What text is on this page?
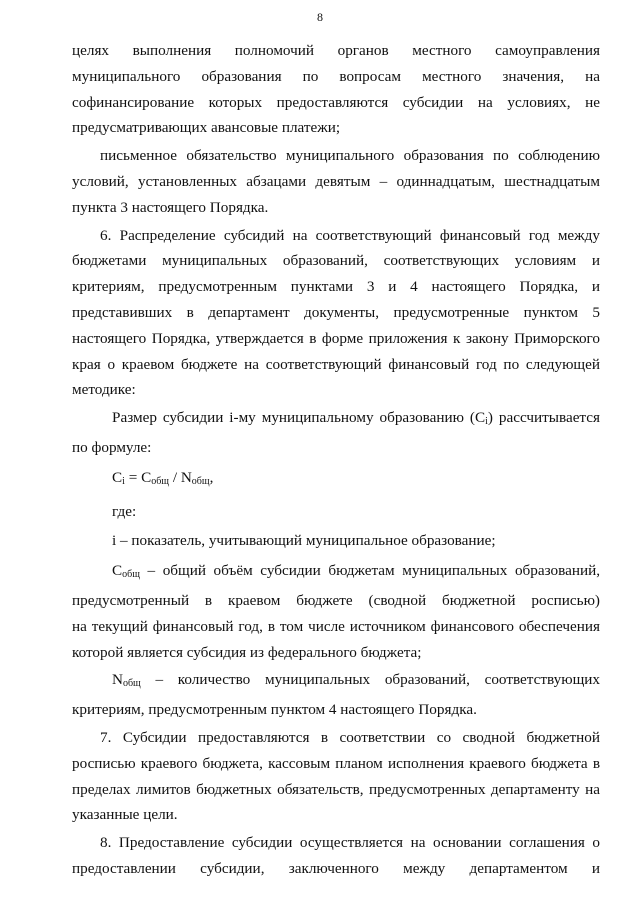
8
целях выполнения полномочий органов местного самоуправления
муниципального образования по вопросам местного значения, на
софинансирование которых предоставляются субсидии на условиях, не
предусматривающих авансовые платежи;
письменное обязательство муниципального образования по соблюдению
условий, установленных абзацами девятым – одиннадцатым, шестнадцатым
пункта 3 настоящего Порядка.
6. Распределение субсидий на соответствующий финансовый год между
бюджетами муниципальных образований, соответствующих условиям и
критериям, предусмотренным пунктами 3 и 4 настоящего Порядка, и
представивших в департамент документы, предусмотренные пунктом 5
настоящего Порядка, утверждается в форме приложения к закону Приморского
края о краевом бюджете на соответствующий финансовый год по следующей
методике:
Размер субсидии i-му муниципальному образованию $(C_i)$ рассчитывается
по формуле:
$C_i = C_{общ} / N_{общ}$,
где:
i – показатель, учитывающий муниципальное образование;
$C_{общ}$ – общий объём субсидии бюджетам муниципальных образований,
предусмотренный в краевом бюджете (сводной бюджетной росписью)
на текущий финансовый год, в том числе источником финансового обеспечения
которой является субсидия из федерального бюджета;
$N_{общ}$ – количество муниципальных образований, соответствующих
критериям, предусмотренным пунктом 4 настоящего Порядка.
7. Субсидии предоставляются в соответствии со сводной бюджетной
росписью краевого бюджета, кассовым планом исполнения краевого бюджета в
пределах лимитов бюджетных обязательств, предусмотренных департаменту на
указанные цели.
8. Предоставление субсидии осуществляется на основании соглашения о
предоставлении субсидии, заключенного между департаментом и
